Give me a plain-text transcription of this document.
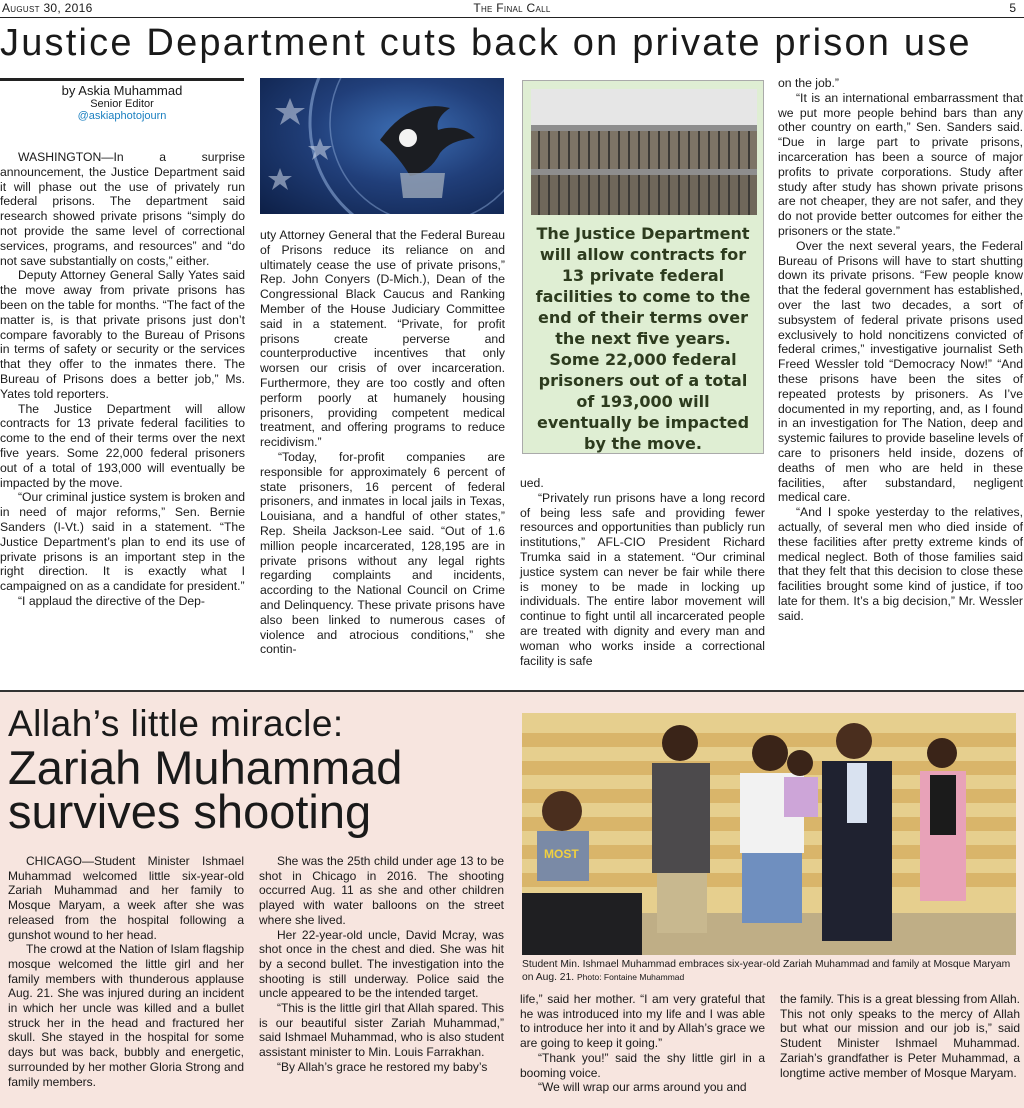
August 30, 2016	The Final Call	5
Justice Department cuts back on private prison use
by Askia Muhammad
Senior Editor
@askiaphotojourn

WASHINGTON—In a surprise announcement, the Justice Department said it will phase out the use of privately run federal prisons. The department said research showed private prisons “simply do not provide the same level of correctional services, programs, and resources” and “do not save substantially on costs,” either.

Deputy Attorney General Sally Yates said the move away from private prisons has been on the table for months. “The fact of the matter is, is that private prisons just don’t compare favorably to the Bureau of Prisons in terms of safety or security or the services that they offer to the inmates there. The Bureau of Prisons does a better job,” Ms. Yates told reporters.

The Justice Department will allow contracts for 13 private federal facilities to come to the end of their terms over the next five years. Some 22,000 federal prisoners out of a total of 193,000 will eventually be impacted by the move.

“Our criminal justice system is broken and in need of major reforms,” Sen. Bernie Sanders (I-Vt.) said in a statement. “The Justice Department’s plan to end its use of private prisons is an important step in the right direction. It is exactly what I campaigned on as a candidate for president.”

“I applaud the directive of the Dep-

uty Attorney General that the Federal Bureau of Prisons reduce its reliance on and ultimately cease the use of private prisons,” Rep. John Conyers (D-Mich.), Dean of the Congressional Black Caucus and Ranking Member of the House Judiciary Committee said in a statement. “Private, for profit prisons create perverse and counterproductive incentives that only worsen our crisis of over incarceration. Furthermore, they are too costly and often perform poorly at humanely housing prisoners, providing competent medical treatment, and offering programs to reduce recidivism.”

“Today, for-profit companies are responsible for approximately 6 percent of state prisoners, 16 percent of federal prisoners, and inmates in local jails in Texas, Louisiana, and a handful of other states,” Rep. Sheila Jackson-Lee said. “Out of 1.6 million people incarcerated, 128,195 are in private prisons without any legal rights regarding complaints and incidents, according to the National Council on Crime and Delinquency. These private prisons have also been linked to numerous cases of violence and atrocious conditions,” she contin-

The Justice Department will allow contracts for 13 private federal facilities to come to the end of their terms over the next five years. Some 22,000 federal prisoners out of a total of 193,000 will eventually be impacted by the move.

ued.

“Privately run prisons have a long record of being less safe and providing fewer resources and opportunities than publicly run institutions,” AFL-CIO President Richard Trumka said in a statement. “Our criminal justice system can never be fair while there is money to be made in locking up individuals. The entire labor movement will continue to fight until all incarcerated people are treated with dignity and every man and woman who works inside a correctional facility is safe

on the job.”

“It is an international embarrassment that we put more people behind bars than any other country on earth,” Sen. Sanders said. “Due in large part to private prisons, incarceration has been a source of major profits to private corporations. Study after study after study has shown private prisons are not cheaper, they are not safer, and they do not provide better outcomes for either the prisoners or the state.”

Over the next several years, the Federal Bureau of Prisons will have to start shutting down its private prisons. “Few people know that the federal government has established, over the last two decades, a sort of subsystem of federal private prisons used exclusively to hold noncitizens convicted of federal crimes,” investigative journalist Seth Freed Wessler told “Democracy Now!” “And these prisons have been the sites of repeated protests by prisoners. As I’ve documented in my reporting, and, as I found in an investigation for The Nation, deep and systemic failures to provide baseline levels of care to prisoners held inside, dozens of deaths of men who are held in these facilities, after substandard, negligent medical care.

“And I spoke yesterday to the relatives, actually, of several men who died inside of these facilities after pretty extreme kinds of medical neglect. Both of those families said that they felt that this decision to close these facilities brought some kind of justice, if too late for them. It’s a big decision,” Mr. Wessler said.

Allah’s little miracle:
Zariah Muhammad
survives shooting
MOST
Student Min. Ishmael Muhammad embraces six-year-old Zariah Muhammad and family at Mosque Maryam on Aug. 21. Photo: Fontaine Muhammad

CHICAGO—Student Minister Ishmael Muhammad welcomed little six-year-old Zariah Muhammad and her family to Mosque Maryam, a week after she was released from the hospital following a gunshot wound to her head.

The crowd at the Nation of Islam flagship mosque welcomed the little girl and her family members with thunderous applause Aug. 21. She was injured during an incident in which her uncle was killed and a bullet struck her in the head and fractured her skull. She stayed in the hospital for some days but was back, bubbly and energetic, surrounded by her mother Gloria Strong and family members.

She was the 25th child under age 13 to be shot in Chicago in 2016. The shooting occurred Aug. 11 as she and other children played with water balloons on the street where she lived.

Her 22-year-old uncle, David Mcray, was shot once in the chest and died. She was hit by a second bullet. The investigation into the shooting is still underway. Police said the uncle appeared to be the intended target.

“This is the little girl that Allah spared. This is our beautiful sister Zariah Muhammad,” said Ishmael Muhammad, who is also student assistant minister to Min. Louis Farrakhan.

“By Allah’s grace he restored my baby’s

life,” said her mother. “I am very grateful that he was introduced into my life and I was able to introduce her into it and by Allah’s grace we are going to keep it going.”

“Thank you!” said the shy little girl in a booming voice.

“We will wrap our arms around you and

the family. This is a great blessing from Allah. This not only speaks to the mercy of Allah but what our mission and our job is,” said Student Minister Ishmael Muhammad. Zariah’s grandfather is Peter Muhammad, a longtime active member of Mosque Maryam.
